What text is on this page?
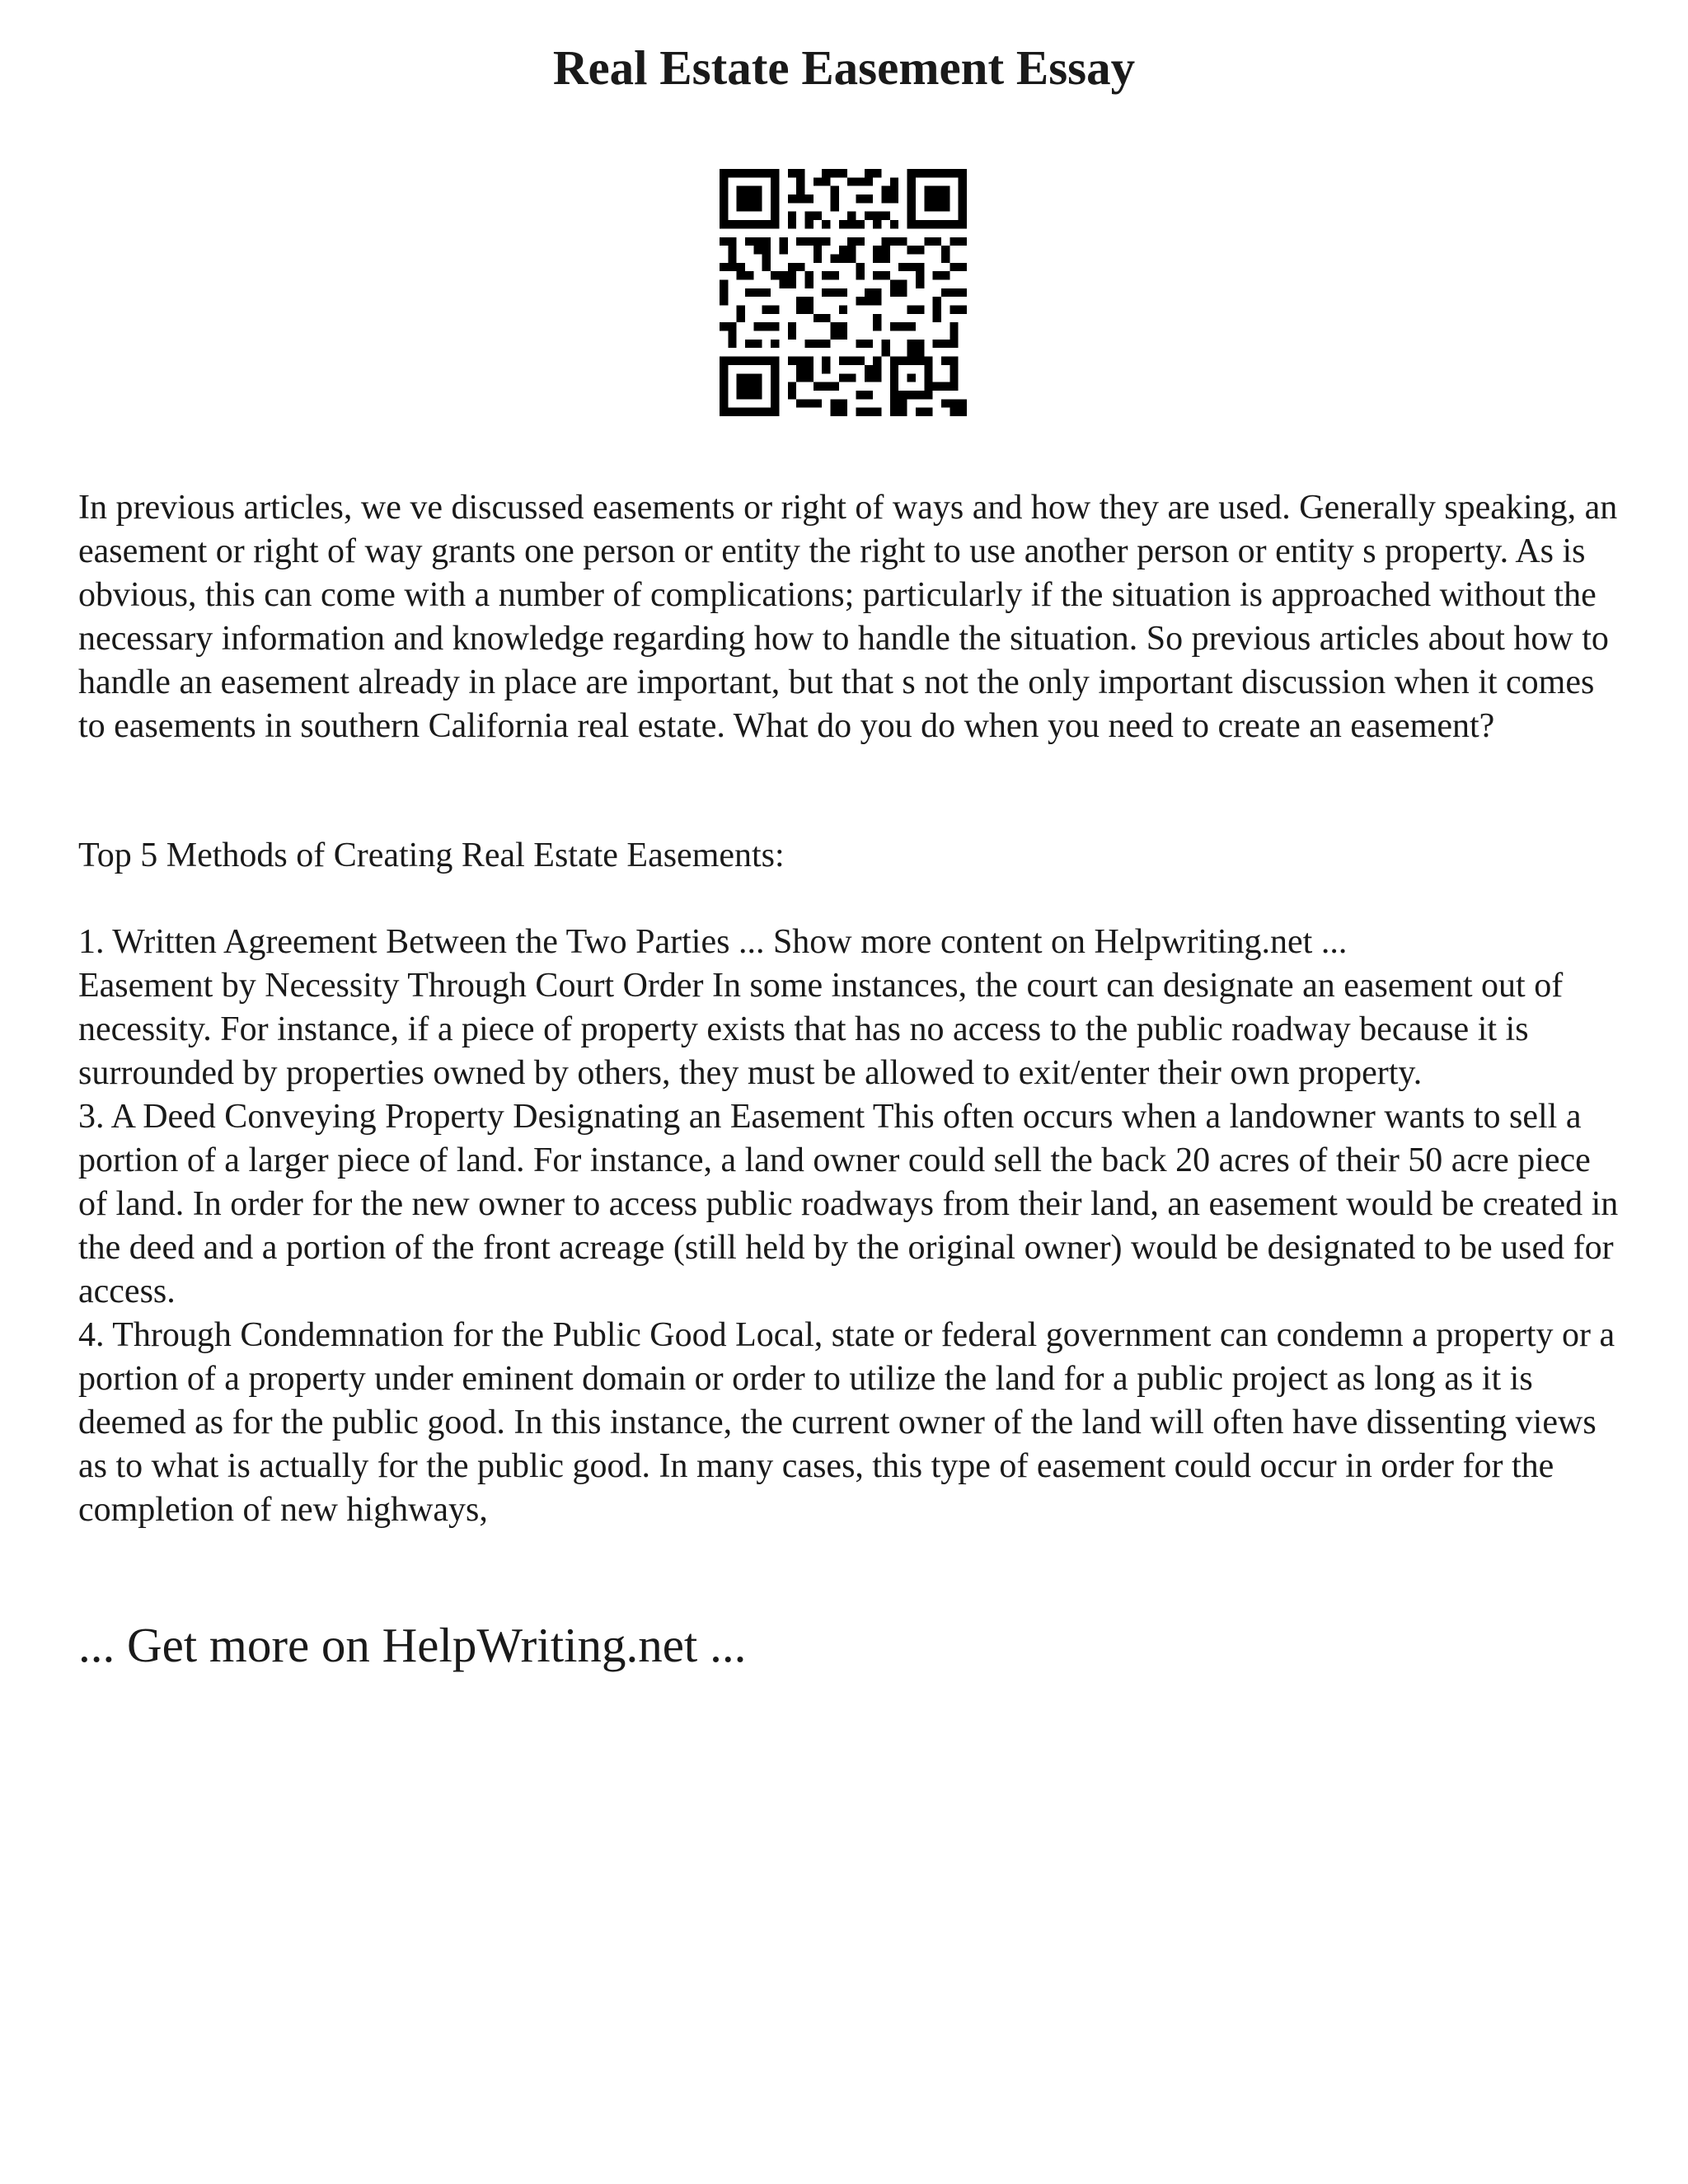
Real Estate Easement Essay

In previous articles, we ve discussed easements or right of ways and how they are used. Generally speaking, an easement or right of way grants one person or entity the right to use another person or entity s property. As is obvious, this can come with a number of complications; particularly if the situation is approached without the necessary information and knowledge regarding how to handle the situation. So previous articles about how to handle an easement already in place are important, but that s not the only important discussion when it comes to easements in southern California real estate. What do you do when you need to create an easement?

Top 5 Methods of Creating Real Estate Easements:

1. Written Agreement Between the Two Parties ... Show more content on Helpwriting.net ...
Easement by Necessity Through Court Order In some instances, the court can designate an easement out of necessity. For instance, if a piece of property exists that has no access to the public roadway because it is surrounded by properties owned by others, they must be allowed to exit/enter their own property.
3. A Deed Conveying Property Designating an Easement This often occurs when a landowner wants to sell a portion of a larger piece of land. For instance, a land owner could sell the back 20 acres of their 50 acre piece of land. In order for the new owner to access public roadways from their land, an easement would be created in the deed and a portion of the front acreage (still held by the original owner) would be designated to be used for access.
4. Through Condemnation for the Public Good Local, state or federal government can condemn a property or a portion of a property under eminent domain or order to utilize the land for a public project as long as it is deemed as for the public good. In this instance, the current owner of the land will often have dissenting views as to what is actually for the public good. In many cases, this type of easement could occur in order for the completion of new highways,

... Get more on HelpWriting.net ...
